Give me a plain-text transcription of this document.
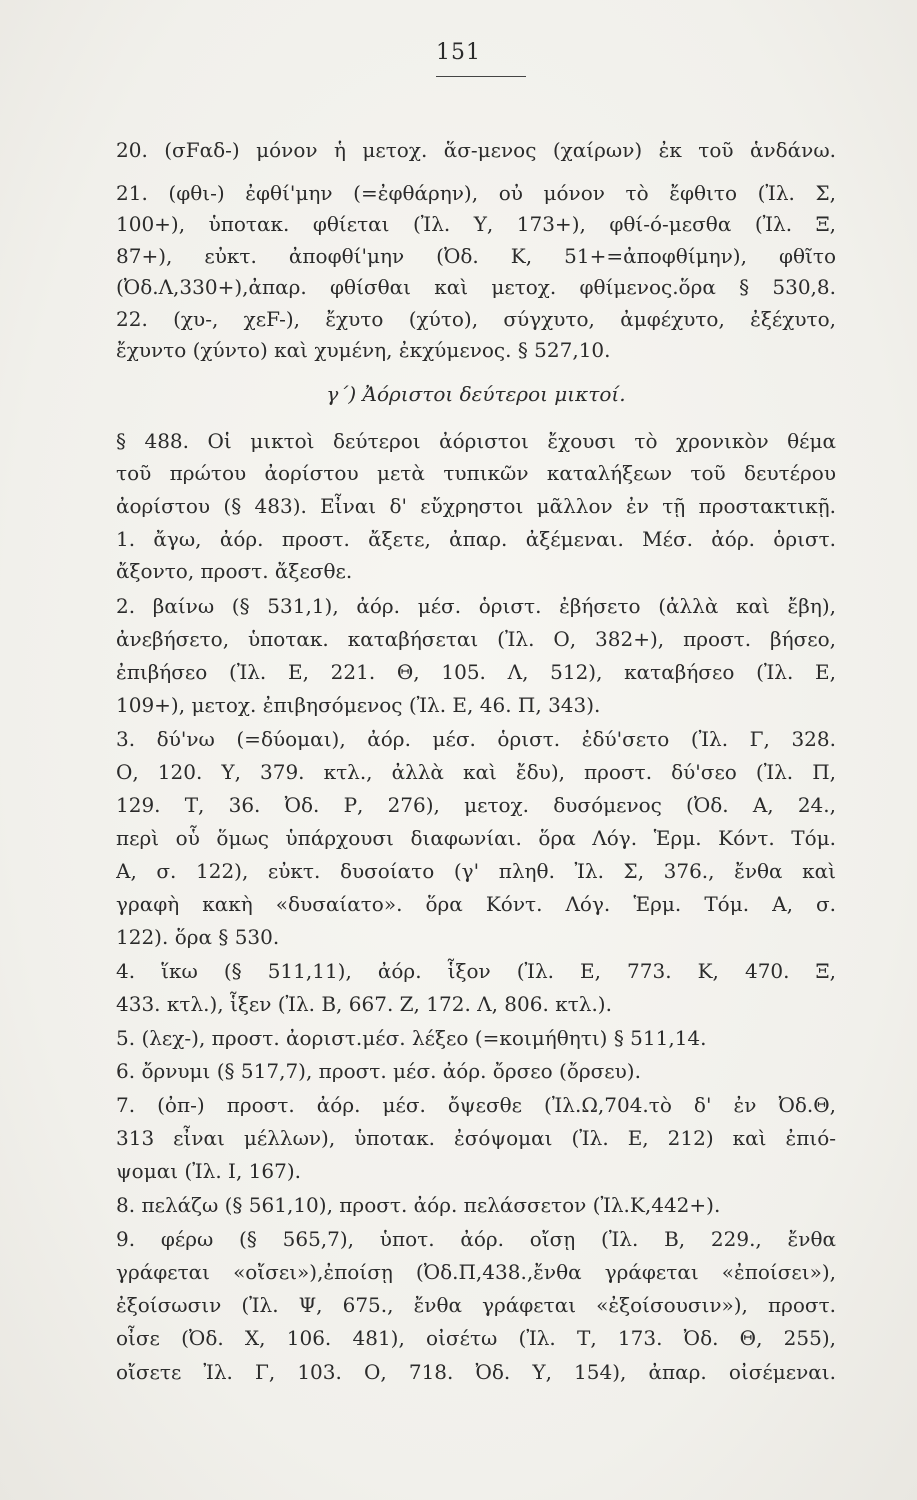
151
20. (σFαδ-) μόνον ἡ μετοχ. ἅσ-μενος (χαίρων) ἐκ τοῦ ἁνδάνω.
21. (φθι-) ἐφθί'μην (=ἐφθάρην), οὐ μόνον τὸ ἔφθιτο (Ἰλ. Σ,
100+), ὑποτακ. φθίεται (Ἰλ. Υ, 173+), φθί-ό-μεσθα (Ἰλ. Ξ,
87+), εὐκτ. ἀποφθί'μην (Ὀδ. Κ, 51+=ἀποφθίμην), φθῖτο
(Ὀδ.Λ,330+),ἀπαρ. φθίσθαι καὶ μετοχ. φθίμενος.ὅρα § 530,8.
22. (χυ-, χεF-), ἔχυτο (χύτο), σύγχυτο, ἀμφέχυτο, ἐξέχυτο,
ἔχυντο (χύντο) καὶ χυμένη, ἐκχύμενος. § 527,10.
γ´) Ἀόριστοι δεύτεροι μικτοί.
§ 488. Οἱ μικτοὶ δεύτεροι ἀόριστοι ἔχουσι τὸ χρονικὸν θέμα
τοῦ πρώτου ἀορίστου μετὰ τυπικῶν καταλήξεων τοῦ δευτέρου
ἀορίστου (§ 483). Εἶναι δ' εὔχρηστοι μᾶλλον ἐν τῇ προστακτικῇ.
1. ἄγω, ἀόρ. προστ. ἄξετε, ἀπαρ. ἀξέμεναι. Μέσ. ἀόρ. ὁριστ.
ἄξοντο, προστ. ἄξεσθε.
2. βαίνω (§ 531,1), ἀόρ. μέσ. ὁριστ. ἐβήσετο (ἀλλὰ καὶ ἔβη),
ἀνεβήσετο, ὑποτακ. καταβήσεται (Ἰλ. Ο, 382+), προστ. βήσεο,
ἐπιβήσεο (Ἰλ. Ε, 221. Θ, 105. Λ, 512), καταβήσεο (Ἰλ. Ε,
109+), μετοχ. ἐπιβησόμενος (Ἰλ. Ε, 46. Π, 343).
3. δύ'νω (=δύομαι), ἀόρ. μέσ. ὁριστ. ἐδύ'σετο (Ἰλ. Γ, 328.
Ο, 120. Υ, 379. κτλ., ἀλλὰ καὶ ἔδυ), προστ. δύ'σεο (Ἰλ. Π,
129. Τ, 36. Ὀδ. Ρ, 276), μετοχ. δυσόμενος (Ὀδ. Α, 24.,
περὶ οὗ ὅμως ὑπάρχουσι διαφωνίαι. ὅρα Λόγ. Ἑρμ. Κόντ. Τόμ.
Α, σ. 122), εὐκτ. δυσοίατο (γ' πληθ. Ἰλ. Σ, 376., ἔνθα καὶ
γραφὴ κακὴ «δυσαίατο». ὅρα Κόντ. Λόγ. Ἑρμ. Τόμ. Α, σ.
122). ὅρα § 530.
4. ἵκω (§ 511,11), ἀόρ. ἷξον (Ἰλ. Ε, 773. Κ, 470. Ξ,
433. κτλ.), ἷξεν (Ἰλ. Β, 667. Ζ, 172. Λ, 806. κτλ.).
5. (λεχ-), προστ. ἀοριστ.μέσ. λέξεο (=κοιμήθητι) § 511,14.
6. ὄρνυμι (§ 517,7), προστ. μέσ. ἀόρ. ὄρσεο (ὄρσευ).
7. (ὀπ-) προστ. ἀόρ. μέσ. ὄψεσθε (Ἰλ.Ω,704.τὸ δ' ἐν Ὀδ.Θ,
313 εἶναι μέλλων), ὑποτακ. ἐσόψομαι (Ἰλ. Ε, 212) καὶ ἐπιό-
ψομαι (Ἰλ. Ι, 167).
8. πελάζω (§ 561,10), προστ. ἀόρ. πελάσσετον (Ἰλ.Κ,442+).
9. φέρω (§ 565,7), ὑποτ. ἀόρ. οἴσῃ (Ἰλ. Β, 229., ἔνθα
γράφεται «οἴσει»),ἐποίσῃ (Ὀδ.Π,438.,ἔνθα γράφεται «ἐποίσει»),
ἐξοίσωσιν (Ἰλ. Ψ, 675., ἔνθα γράφεται «ἐξοίσουσιν»), προστ.
οἶσε (Ὀδ. Χ, 106. 481), οἰσέτω (Ἰλ. Τ, 173. Ὀδ. Θ, 255),
οἴσετε Ἰλ. Γ, 103. Ο, 718. Ὀδ. Υ, 154), ἀπαρ. οἰσέμεναι.
